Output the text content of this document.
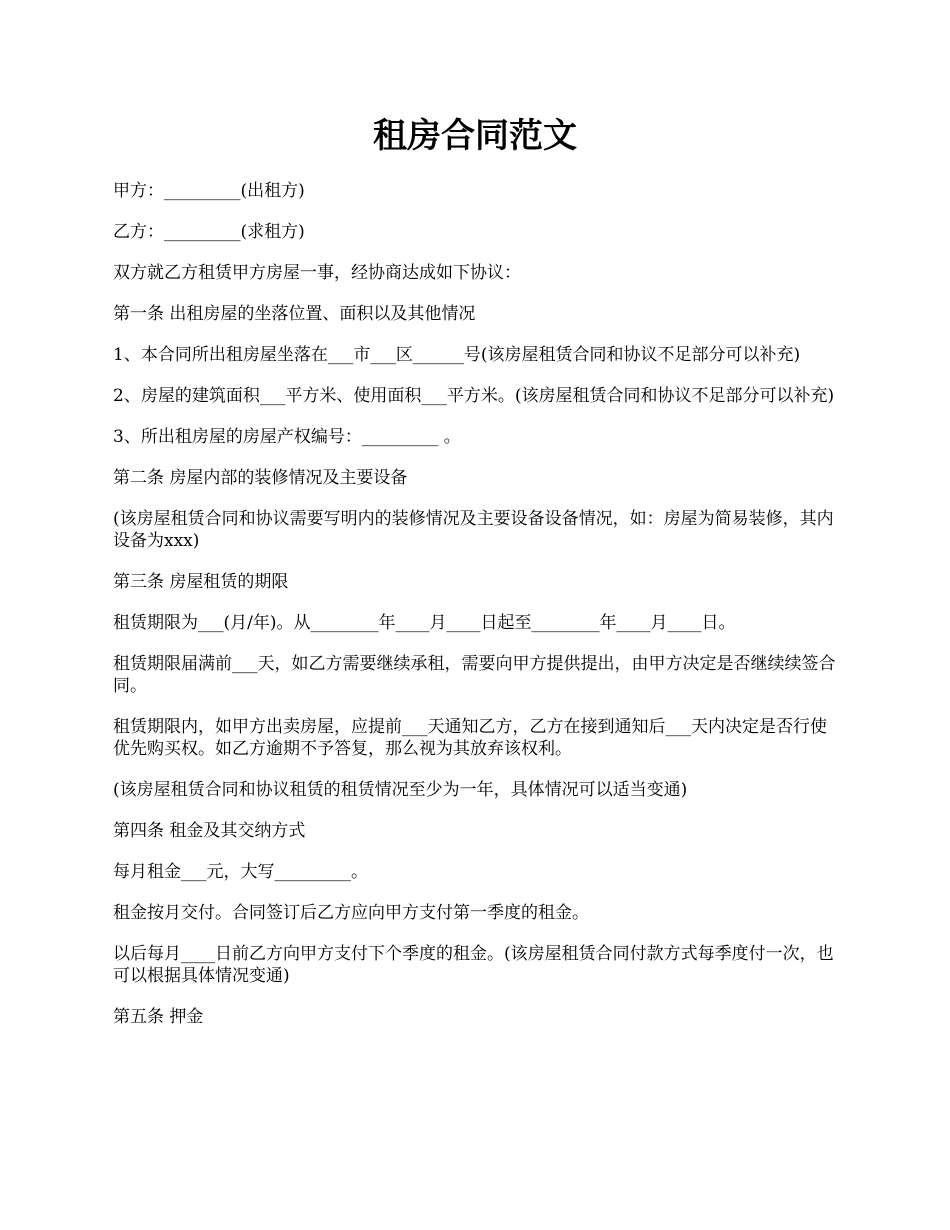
租房合同范文

甲方：_________(出租方)

乙方：_________(求租方)

双方就乙方租赁甲方房屋一事，经协商达成如下协议：

第一条 出租房屋的坐落位置、面积以及其他情况

1、本合同所出租房屋坐落在___市___区______号(该房屋租赁合同和协议不足部分可以补充)

2、房屋的建筑面积___平方米、使用面积___平方米。(该房屋租赁合同和协议不足部分可以补充)

3、所出租房屋的房屋产权编号：_________ 。

第二条 房屋内部的装修情况及主要设备

(该房屋租赁合同和协议需要写明内的装修情况及主要设备设备情况，如：房屋为简易装修，其内设备为xxx)

第三条 房屋租赁的期限

租赁期限为___(月/年)。从________年____月____日起至________年____月____日。

租赁期限届满前___天，如乙方需要继续承租，需要向甲方提供提出，由甲方决定是否继续续签合同。

租赁期限内，如甲方出卖房屋，应提前___天通知乙方，乙方在接到通知后___天内决定是否行使优先购买权。如乙方逾期不予答复，那么视为其放弃该权利。

(该房屋租赁合同和协议租赁的租赁情况至少为一年，具体情况可以适当变通)

第四条 租金及其交纳方式

每月租金___元，大写_________。

租金按月交付。合同签订后乙方应向甲方支付第一季度的租金。

以后每月____日前乙方向甲方支付下个季度的租金。(该房屋租赁合同付款方式每季度付一次，也可以根据具体情况变通)

第五条 押金
